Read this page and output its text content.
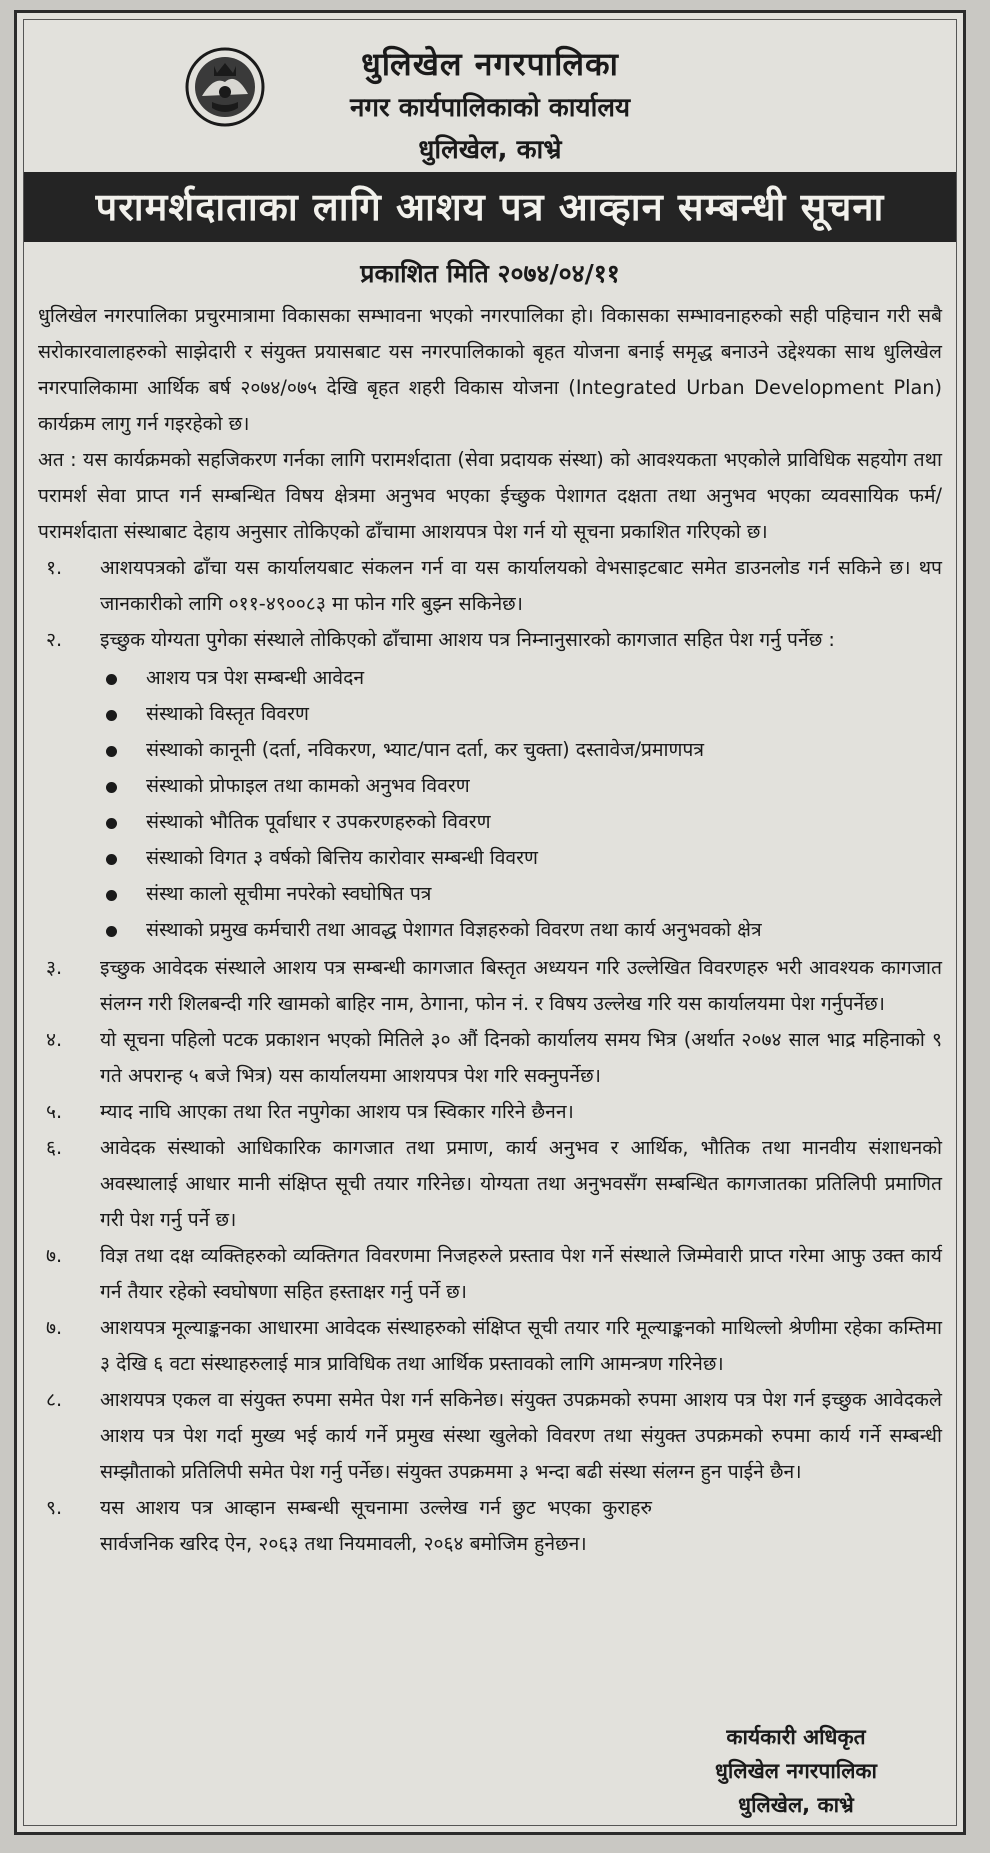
धुलिखेल नगरपालिका
नगर कार्यपालिकाको कार्यालय
धुलिखेल, काभ्रे
परामर्शदाताका लागि आशय पत्र आव्हान सम्बन्धी सूचना
प्रकाशित मिति २०७४/०४/११

धुलिखेल नगरपालिका प्रचुरमात्रामा विकासका सम्भावना भएको नगरपालिका हो। विकासका सम्भावनाहरुको सही पहिचान गरी सबै सरोकारवालाहरुको साझेदारी र संयुक्त प्रयासबाट यस नगरपालिकाको बृहत योजना बनाई समृद्ध बनाउने उद्देश्यका साथ धुलिखेल नगरपालिकामा आर्थिक बर्ष २०७४/०७५ देखि बृहत शहरी विकास योजना (Integrated Urban Development Plan) कार्यक्रम लागु गर्न गइरहेको छ।

अत : यस कार्यक्रमको सहजिकरण गर्नका लागि परामर्शदाता (सेवा प्रदायक संस्था) को आवश्यकता भएकोले प्राविधिक सहयोग तथा परामर्श सेवा प्राप्त गर्न सम्बन्धित विषय क्षेत्रमा अनुभव भएका ईच्छुक पेशागत दक्षता तथा अनुभव भएका व्यवसायिक फर्म/परामर्शदाता संस्थाबाट देहाय अनुसार तोकिएको ढाँचामा आशयपत्र पेश गर्न यो सूचना प्रकाशित गरिएको छ।

१. आशयपत्रको ढाँचा यस कार्यालयबाट संकलन गर्न वा यस कार्यालयको वेभसाइटबाट समेत डाउनलोड गर्न सकिने छ। थप जानकारीको लागि ०११-४९००८३ मा फोन गरि बुझ्न सकिनेछ।
२. इच्छुक योग्यता पुगेका संस्थाले तोकिएको ढाँचामा आशय पत्र निम्नानुसारको कागजात सहित पेश गर्नु पर्नेछ :
आशय पत्र पेश सम्बन्धी आवेदन
संस्थाको विस्तृत विवरण
संस्थाको कानूनी (दर्ता, नविकरण, भ्याट/पान दर्ता, कर चुक्ता) दस्तावेज/प्रमाणपत्र
संस्थाको प्रोफाइल तथा कामको अनुभव विवरण
संस्थाको भौतिक पूर्वाधार र उपकरणहरुको विवरण
संस्थाको विगत ३ वर्षको बित्तिय कारोवार सम्बन्धी विवरण
संस्था कालो सूचीमा नपरेको स्वघोषित पत्र
संस्थाको प्रमुख कर्मचारी तथा आवद्ध पेशागत विज्ञहरुको विवरण तथा कार्य अनुभवको क्षेत्र
३. इच्छुक आवेदक संस्थाले आशय पत्र सम्बन्धी कागजात बिस्तृत अध्ययन गरि उल्लेखित विवरणहरु भरी आवश्यक कागजात संलग्न गरी शिलबन्दी गरि खामको बाहिर नाम, ठेगाना, फोन नं. र विषय उल्लेख गरि यस कार्यालयमा पेश गर्नुपर्नेछ।
४. यो सूचना पहिलो पटक प्रकाशन भएको मितिले ३० औं दिनको कार्यालय समय भित्र (अर्थात २०७४ साल भाद्र महिनाको ९ गते अपरान्ह ५ बजे भित्र) यस कार्यालयमा आशयपत्र पेश गरि सक्नुपर्नेछ।
५. म्याद नाघि आएका तथा रित नपुगेका आशय पत्र स्विकार गरिने छैनन।
६. आवेदक संस्थाको आधिकारिक कागजात तथा प्रमाण, कार्य अनुभव र आर्थिक, भौतिक तथा मानवीय संशाधनको अवस्थालाई आधार मानी संक्षिप्त सूची तयार गरिनेछ। योग्यता तथा अनुभवसँग सम्बन्धित कागजातका प्रतिलिपी प्रमाणित गरी पेश गर्नु पर्ने छ।
७. विज्ञ तथा दक्ष व्यक्तिहरुको व्यक्तिगत विवरणमा निजहरुले प्रस्ताव पेश गर्ने संस्थाले जिम्मेवारी प्राप्त गरेमा आफु उक्त कार्य गर्न तैयार रहेको स्वघोषणा सहित हस्ताक्षर गर्नु पर्ने छ।
७. आशयपत्र मूल्याङ्कनका आधारमा आवेदक संस्थाहरुको संक्षिप्त सूची तयार गरि मूल्याङ्कनको माथिल्लो श्रेणीमा रहेका कम्तिमा ३ देखि ६ वटा संस्थाहरुलाई मात्र प्राविधिक तथा आर्थिक प्रस्तावको लागि आमन्त्रण गरिनेछ।
८. आशयपत्र एकल वा संयुक्त रुपमा समेत पेश गर्न सकिनेछ। संयुक्त उपक्रमको रुपमा आशय पत्र पेश गर्न इच्छुक आवेदकले आशय पत्र पेश गर्दा मुख्य भई कार्य गर्ने प्रमुख संस्था खुलेको विवरण तथा संयुक्त उपक्रमको रुपमा कार्य गर्ने सम्बन्धी सम्झौताको प्रतिलिपी समेत पेश गर्नु पर्नेछ। संयुक्त उपक्रममा ३ भन्दा बढी संस्था संलग्न हुन पाईने छैन।
९. यस आशय पत्र आव्हान सम्बन्धी सूचनामा उल्लेख गर्न छुट भएका कुराहरु सार्वजनिक खरिद ऐन, २०६३ तथा नियमावली, २०६४ बमोजिम हुनेछन।
कार्यकारी अधिकृत
धुलिखेल नगरपालिका
धुलिखेल, काभ्रे
